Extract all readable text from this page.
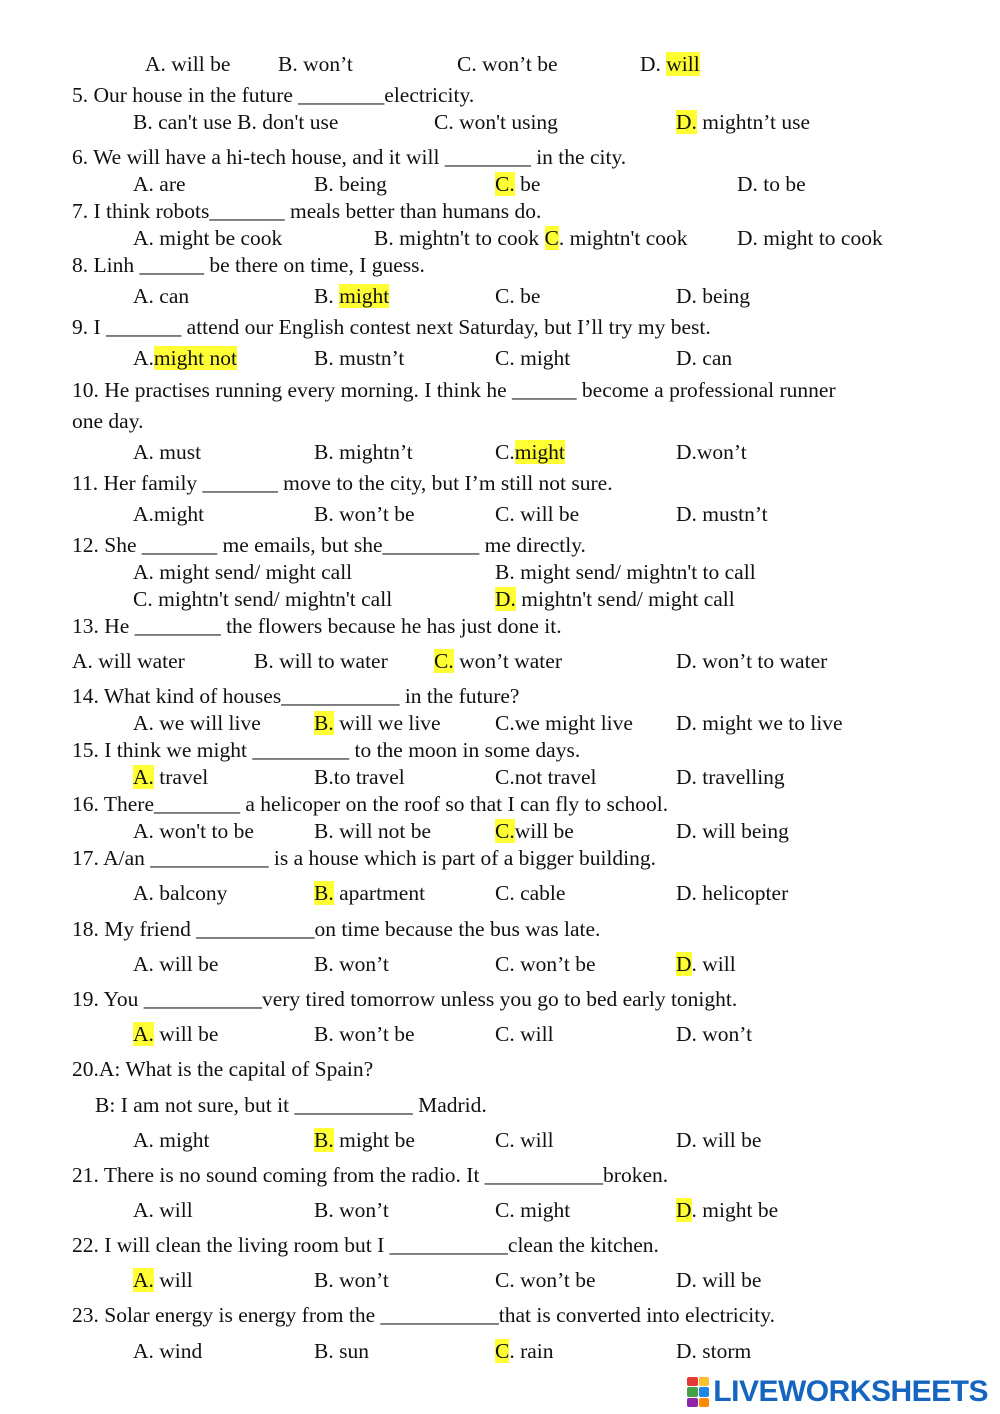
A. will be B. won’t	C. won’t be	D. will
5. Our house in the future ________electricity.
B. can't use B. don't use	C. won't using	D. mightn’t use
6. We will have a hi-tech house, and it will ________ in the city.
A. are	B. being	C. be	D. to be
7. I think robots_______ meals better than humans do.
A. might be cook	B. mightn't to cook C. mightn't cook D. might to cook
8. Linh ______ be there on time, I guess.
A. can	B. might	C. be	D. being
9. I _______ attend our English contest next Saturday, but I’ll try my best.
A.might not	B. mustn’t	C. might	D. can
10. He practises running every morning. I think he ______ become a professional runner
one day.
A. must	B. mightn’t	C.might	D.won’t
11. Her family _______ move to the city, but I’m still not sure.
A.might	B. won’t be	C. will be	D. mustn’t
12. She _______ me emails, but she_________ me directly.
A. might send/ might call	B. might send/ mightn't to call
C. mightn't send/ mightn't call	D. mightn't send/ might call
13. He ________ the flowers because he has just done it.
A. will water	B. will to water C. won’t water	D. won’t to water
14. What kind of houses___________ in the future?
A. we will live B. will we live	C.we might live D. might we to live
15. I think we might _________ to the moon in some days.
A. travel	B.to travel	C.not travel	D. travelling
16. There________ a helicoper on the roof so that I can fly to school.
A. won't to be	B. will not be	C.will be	D. will being
17. A/an ___________ is a house which is part of a bigger building.
A. balcony	B. apartment	C. cable	D. helicopter
18. My friend ___________on time because the bus was late.
A. will be	B. won’t	C. won’t be	D. will
19. You ___________very tired tomorrow unless you go to bed early tonight.
A. will be	B. won’t be	C. will	D. won’t
20.A: What is the capital of Spain?
B: I am not sure, but it ___________ Madrid.
A. might	B. might be	C. will	D. will be
21. There is no sound coming from the radio. It ___________broken.
A. will	B. won’t	C. might	D. might be
22. I will clean the living room but I ___________clean the kitchen.
A. will	B. won’t	C. won’t be	D. will be
23. Solar energy is energy from the ___________that is converted into electricity.
A. wind	B. sun	C. rain	D. storm
LIVEWORKSHEETS
